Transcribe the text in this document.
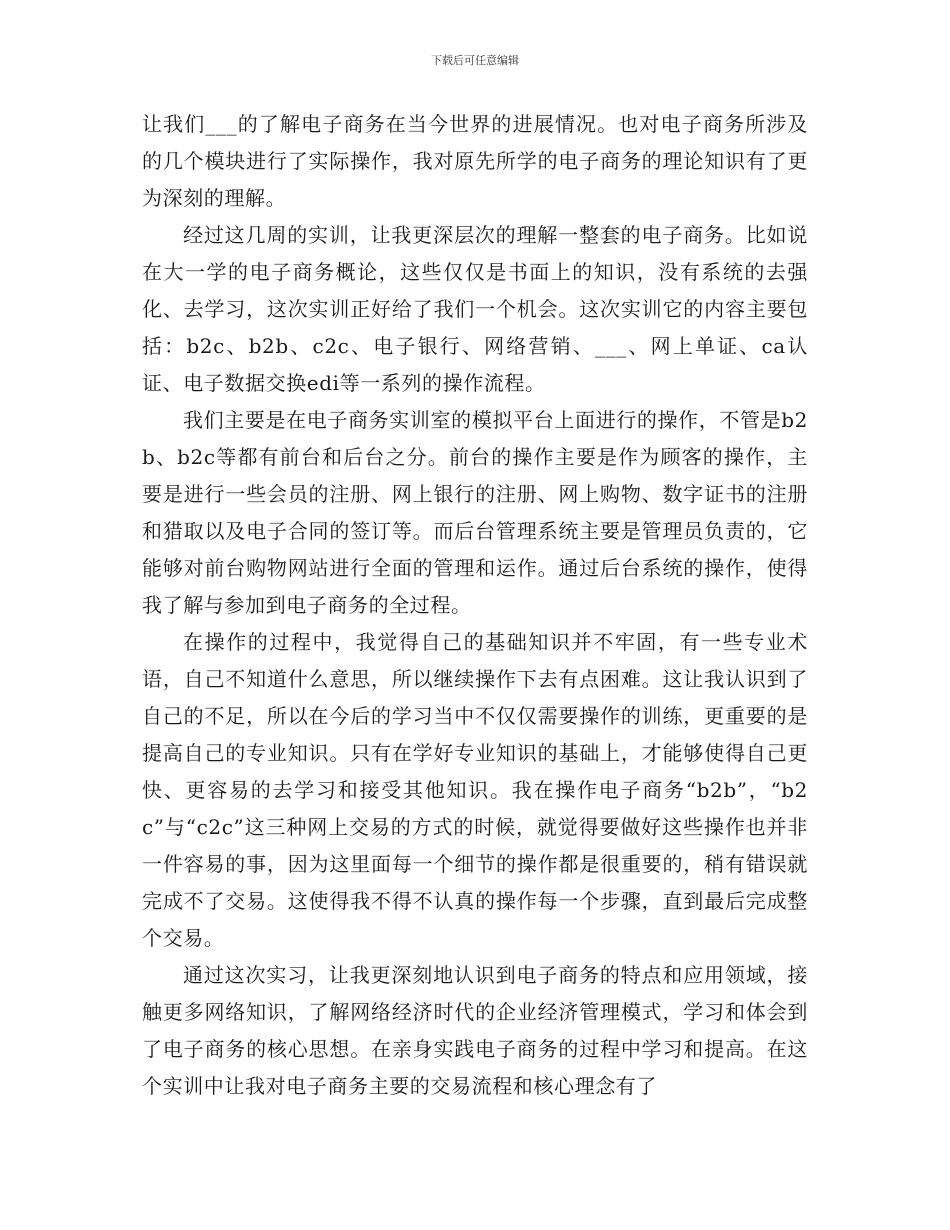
下载后可任意编辑

让我们___的了解电子商务在当今世界的进展情况。也对电子商务所涉及的几个模块进行了实际操作，我对原先所学的电子商务的理论知识有了更为深刻的理解。

经过这几周的实训，让我更深层次的理解一整套的电子商务。比如说在大一学的电子商务概论，这些仅仅是书面上的知识，没有系统的去强化、去学习，这次实训正好给了我们一个机会。这次实训它的内容主要包括：b2c、b2b、c2c、电子银行、网络营销、___、网上单证、ca认证、电子数据交换edi等一系列的操作流程。

我们主要是在电子商务实训室的模拟平台上面进行的操作，不管是b2b、b2c等都有前台和后台之分。前台的操作主要是作为顾客的操作，主要是进行一些会员的注册、网上银行的注册、网上购物、数字证书的注册和猎取以及电子合同的签订等。而后台管理系统主要是管理员负责的，它能够对前台购物网站进行全面的管理和运作。通过后台系统的操作，使得我了解与参加到电子商务的全过程。

在操作的过程中，我觉得自己的基础知识并不牢固，有一些专业术语，自己不知道什么意思，所以继续操作下去有点困难。这让我认识到了自己的不足，所以在今后的学习当中不仅仅需要操作的训练，更重要的是提高自己的专业知识。只有在学好专业知识的基础上，才能够使得自己更快、更容易的去学习和接受其他知识。我在操作电子商务“b2b”，“b2c”与“c2c”这三种网上交易的方式的时候，就觉得要做好这些操作也并非一件容易的事，因为这里面每一个细节的操作都是很重要的，稍有错误就完成不了交易。这使得我不得不认真的操作每一个步骤，直到最后完成整个交易。

通过这次实习，让我更深刻地认识到电子商务的特点和应用领域，接触更多网络知识，了解网络经济时代的企业经济管理模式，学习和体会到了电子商务的核心思想。在亲身实践电子商务的过程中学习和提高。在这个实训中让我对电子商务主要的交易流程和核心理念有了
